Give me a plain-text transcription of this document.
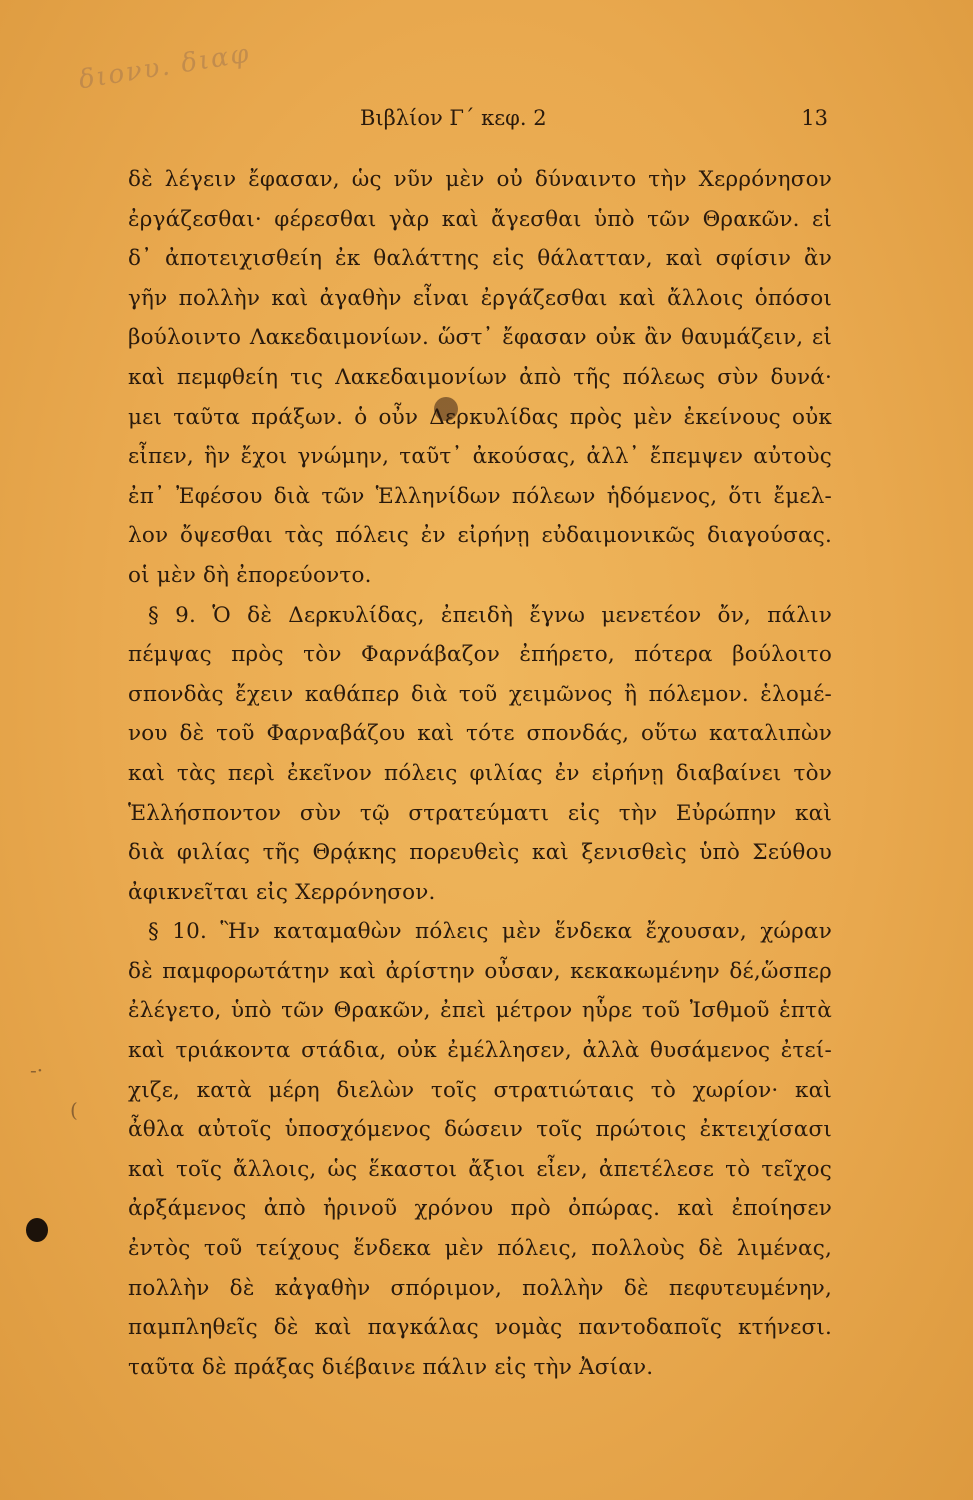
διονυ. διαφ
Βιβλίον Γ΄ κεφ. 2	13
-·
(
δὲ λέγειν ἔφασαν, ὡς νῦν μὲν οὐ δύναιντο τὴν Χερρόνησον
ἐργάζεσθαι· φέρεσθαι γὰρ καὶ ἄγεσθαι ὑπὸ τῶν Θρακῶν. εἰ
δ᾽ ἀποτειχισθείη ἐκ θαλάττης εἰς θάλατταν, καὶ σφίσιν ἂν
γῆν πολλὴν καὶ ἀγαθὴν εἶναι ἐργάζεσθαι καὶ ἄλλοις ὁπόσοι
βούλοιντο Λακεδαιμονίων. ὥστ᾽ ἔφασαν οὐκ ἂν θαυμάζειν, εἰ
καὶ πεμφθείη τις Λακεδαιμονίων ἀπὸ τῆς πόλεως σὺν δυνά·
μει ταῦτα πράξων. ὁ οὖν Δερκυλίδας πρὸς μὲν ἐκείνους οὐκ
εἶπεν, ἣν ἔχοι γνώμην, ταῦτ᾽ ἀκούσας, ἀλλ᾽ ἔπεμψεν αὐτοὺς
ἐπ᾽ Ἐφέσου διὰ τῶν Ἑλληνίδων πόλεων ἡδόμενος, ὅτι ἔμελ-
λον ὄψεσθαι τὰς πόλεις ἐν εἰρήνῃ εὐδαιμονικῶς διαγούσας.
οἱ μὲν δὴ ἐπορεύοντο.
§ 9. Ὁ δὲ Δερκυλίδας, ἐπειδὴ ἔγνω μενετέον ὄν, πάλιν
πέμψας πρὸς τὸν Φαρνάβαζον ἐπήρετο, πότερα βούλοιτο
σπονδὰς ἔχειν καθάπερ διὰ τοῦ χειμῶνος ἢ πόλεμον. ἑλομέ-
νου δὲ τοῦ Φαρναβάζου καὶ τότε σπονδάς, οὕτω καταλιπὼν
καὶ τὰς περὶ ἐκεῖνον πόλεις φιλίας ἐν εἰρήνῃ διαβαίνει τὸν
Ἑλλήσποντον σὺν τῷ στρατεύματι εἰς τὴν Εὐρώπην καὶ
διὰ φιλίας τῆς Θρᾴκης πορευθεὶς καὶ ξενισθεὶς ὑπὸ Σεύθου
ἀφικνεῖται εἰς Χερρόνησον.
§ 10. Ἣν καταμαθὼν πόλεις μὲν ἕνδεκα ἔχουσαν, χώραν
δὲ παμφορωτάτην καὶ ἀρίστην οὖσαν, κεκακωμένην δέ,ὥσπερ
ἐλέγετο, ὑπὸ τῶν Θρακῶν, ἐπεὶ μέτρον ηὗρε τοῦ Ἰσθμοῦ ἑπτὰ
καὶ τριάκοντα στάδια, οὐκ ἐμέλλησεν, ἀλλὰ θυσάμενος ἐτεί-
χιζε, κατὰ μέρη διελὼν τοῖς στρατιώταις τὸ χωρίον· καὶ
ἆθλα αὐτοῖς ὑποσχόμενος δώσειν τοῖς πρώτοις ἐκτειχίσασι
καὶ τοῖς ἄλλοις, ὡς ἕκαστοι ἄξιοι εἶεν, ἀπετέλεσε τὸ τεῖχος
ἀρξάμενος ἀπὸ ἠρινοῦ χρόνου πρὸ ὀπώρας. καὶ ἐποίησεν
ἐντὸς τοῦ τείχους ἕνδεκα μὲν πόλεις, πολλοὺς δὲ λιμένας,
πολλὴν δὲ κἀγαθὴν σπόριμον, πολλὴν δὲ πεφυτευμένην,
παμπληθεῖς δὲ καὶ παγκάλας νομὰς παντοδαποῖς κτήνεσι.
ταῦτα δὲ πράξας διέβαινε πάλιν εἰς τὴν Ἀσίαν.
